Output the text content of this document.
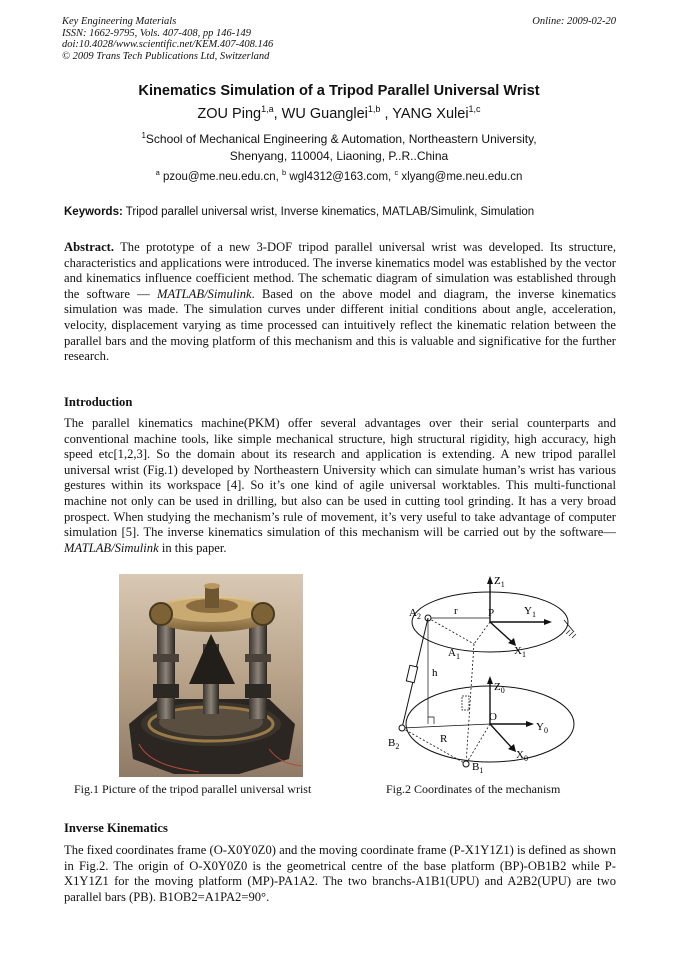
Key Engineering Materials
ISSN: 1662-9795, Vols. 407-408, pp 146-149
doi:10.4028/www.scientific.net/KEM.407-408.146
© 2009 Trans Tech Publications Ltd, Switzerland
Online: 2009-02-20
Kinematics Simulation of a Tripod Parallel Universal Wrist
ZOU Ping$^{1,a}$, WU Guanglei$^{1,b}$ , YANG Xulei$^{1,c}$
$^1$School of Mechanical Engineering & Automation, Northeastern University,
Shenyang, 110004, Liaoning, P..R..China
$^a$ pzou@me.neu.edu.cn, $^b$ wgl4312@163.com, $^c$ xlyang@me.neu.edu.cn
Keywords: Tripod parallel universal wrist, Inverse kinematics, MATLAB/Simulink, Simulation
Abstract. The prototype of a new 3-DOF tripod parallel universal wrist was developed. Its structure, characteristics and applications were introduced. The inverse kinematics model was established by the vector and kinematics influence coefficient method. The schematic diagram of simulation was established through the software — MATLAB/Simulink. Based on the above model and diagram, the inverse kinematics simulation was made. The simulation curves under different initial conditions about angle, acceleration, velocity, displacement varying as time processed can intuitively reflect the kinematic relation between the parallel bars and the moving platform of this mechanism and this is valuable and significative for the further research.
Introduction
The parallel kinematics machine(PKM) offer several advantages over their serial counterparts and conventional machine tools, like simple mechanical structure, high structural rigidity, high accuracy, high speed etc[1,2,3]. So the domain about its research and application is extending. A new tripod parallel universal wrist (Fig.1) developed by Northeastern University which can simulate human’s wrist has various gestures within its workspace [4]. So it’s one kind of agile universal worktables. This multi-functional machine not only can be used in drilling, but also can be used in cutting tool grinding. It has a very broad prospect. When studying the mechanism’s rule of movement, it’s very useful to take advantage of computer simulation [5]. The inverse kinematics simulation of this mechanism will be carried out by the software—MATLAB/Simulink in this paper.
$Z_1$
$A_2$	r	P	$Y_1$
$A_1$	$X_1$
h
$Z_0$
O
$Y_0$
$B_2$
R
$X_0$
$B_1$
Fig.1 Picture of the tripod parallel universal wrist	Fig.2 Coordinates of the mechanism
Inverse Kinematics
The fixed coordinates frame (O-X0Y0Z0) and the moving coordinate frame (P-X1Y1Z1) is defined as shown in Fig.2. The origin of O-X0Y0Z0 is the geometrical centre of the base platform (BP)-OB1B2 while P-X1Y1Z1 for the moving platform (MP)-PA1A2. The two branchs-A1B1(UPU) and A2B2(UPU) are two parallel bars (PB). B1OB2=A1PA2=90°.
